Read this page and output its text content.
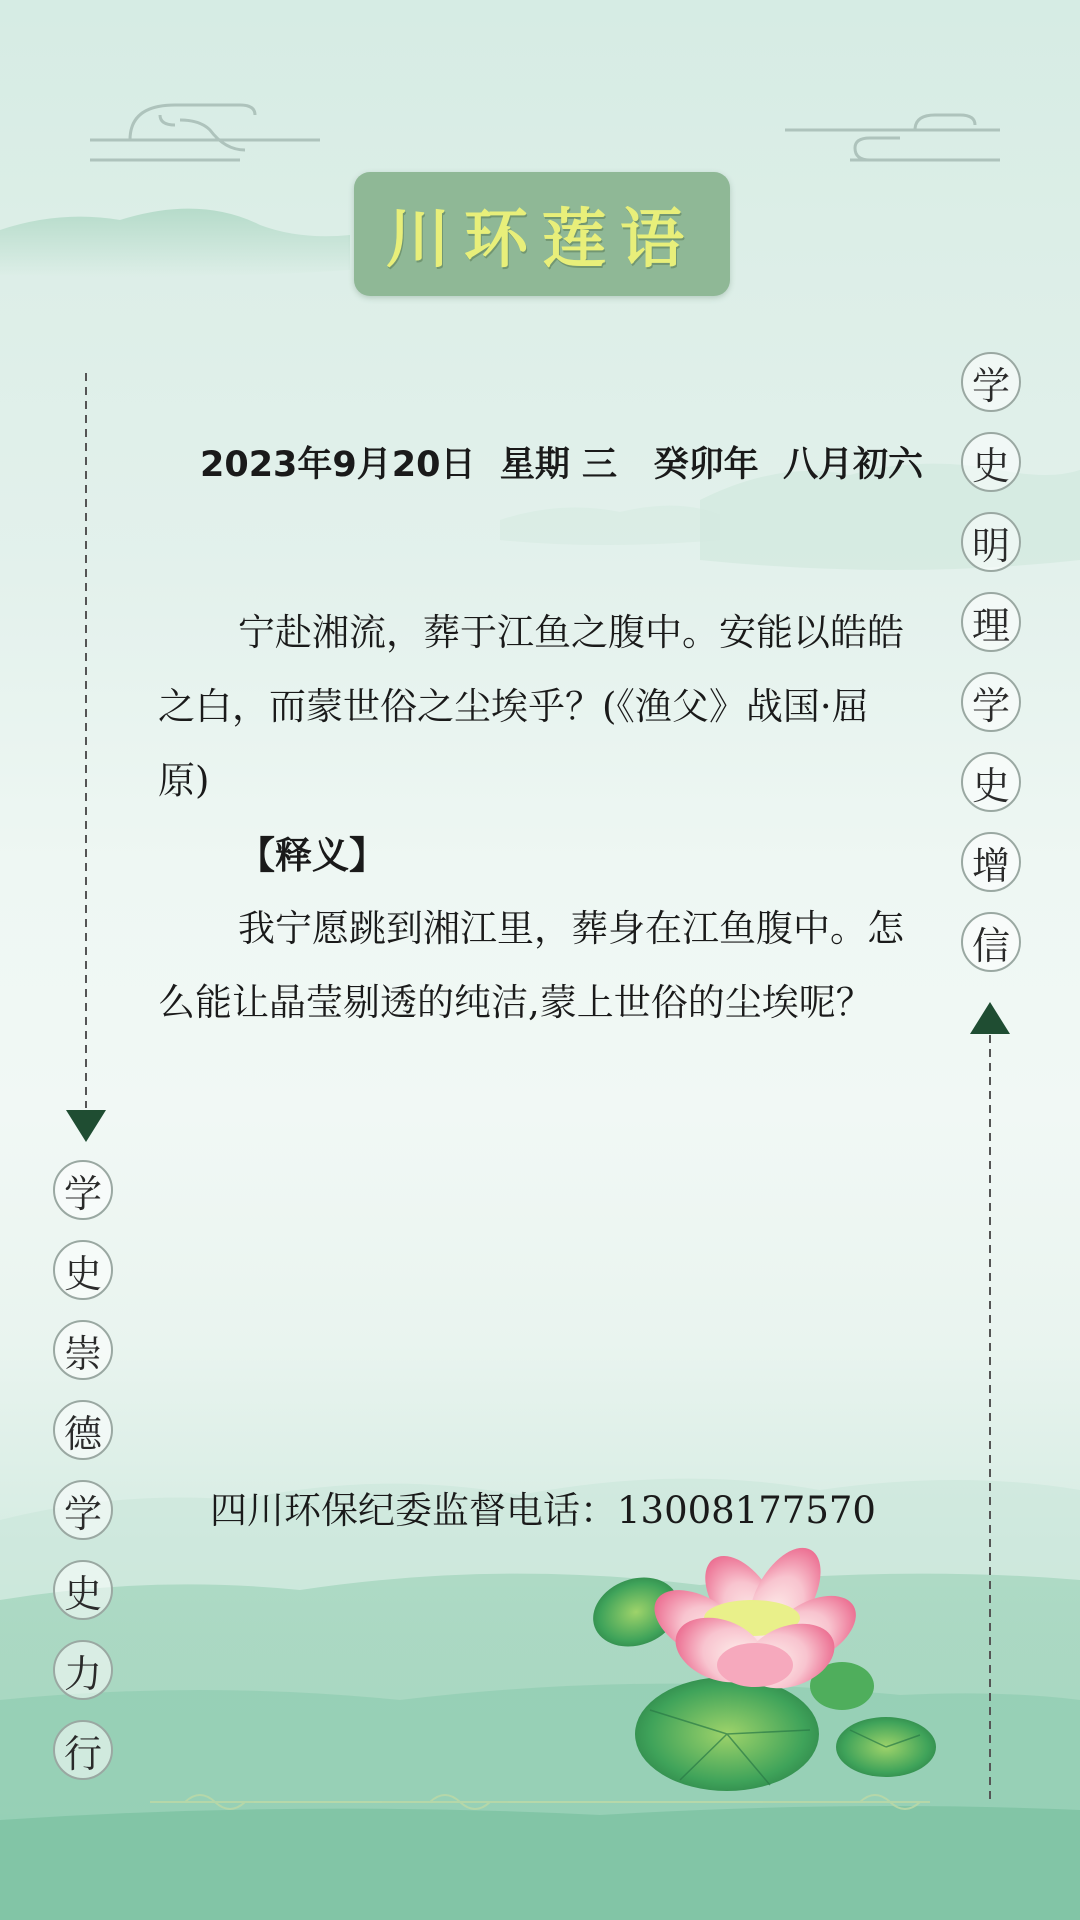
川环莲语
2023年9月20日  星期 三   癸卯年  八月初六

宁赴湘流，葬于江鱼之腹中。安能以皓皓之白，而蒙世俗之尘埃乎？(《渔父》战国·屈原)

【释义】

我宁愿跳到湘江里，葬身在江鱼腹中。怎么能让晶莹剔透的纯洁,蒙上世俗的尘埃呢？

四川环保纪委监督电话：13008177570
学
史
明
理
学
史
增
信
学
史
崇
德
学
史
力
行
